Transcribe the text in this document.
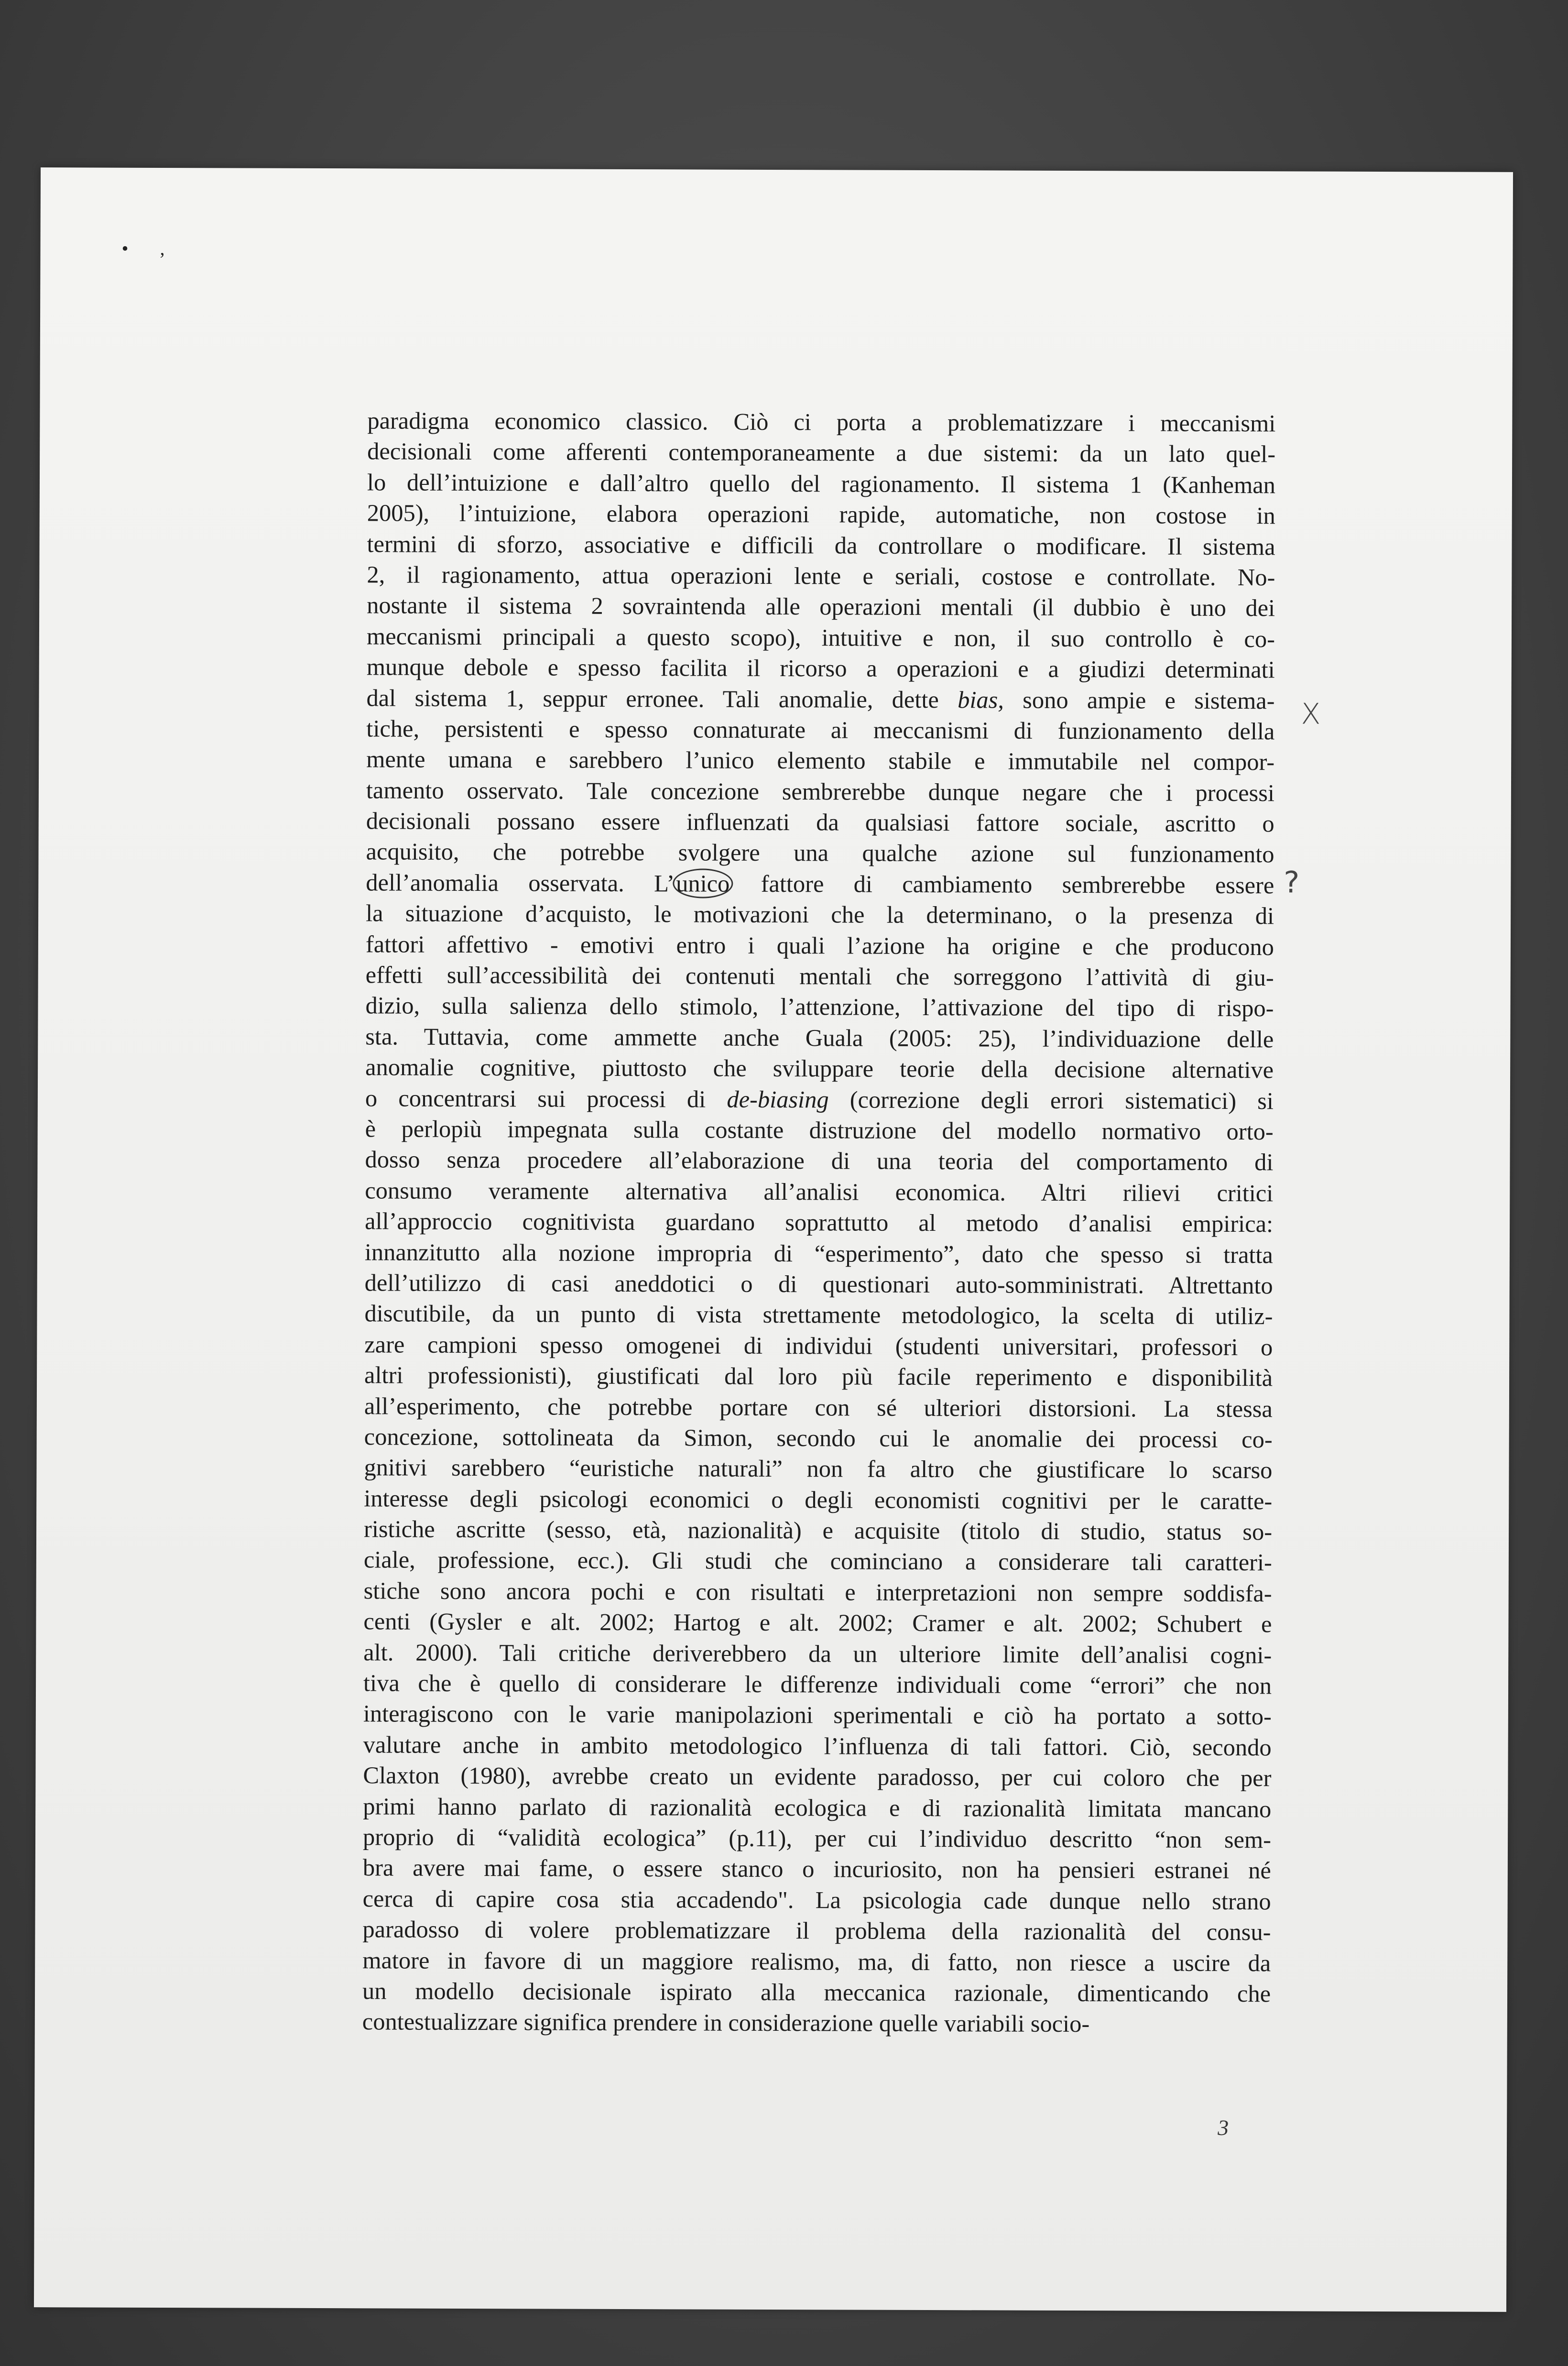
• ,
paradigma economico classico. Ciò ci porta a problematizzare i meccanismi
decisionali come afferenti contemporaneamente a due sistemi: da un lato quel-
lo dell’intuizione e dall’altro quello del ragionamento. Il sistema 1 (Kanheman
2005), l’intuizione, elabora operazioni rapide, automatiche, non costose in
termini di sforzo, associative e difficili da controllare o modificare. Il sistema
2, il ragionamento, attua operazioni lente e seriali, costose e controllate. No-
nostante il sistema 2 sovraintenda alle operazioni mentali (il dubbio è uno dei
meccanismi principali a questo scopo), intuitive e non, il suo controllo è co-
munque debole e spesso facilita il ricorso a operazioni e a giudizi determinati
dal sistema 1, seppur erronee. Tali anomalie, dette bias, sono ampie e sistema-
tiche, persistenti e spesso connaturate ai meccanismi di funzionamento della
mente umana e sarebbero l’unico elemento stabile e immutabile nel compor-
tamento osservato. Tale concezione sembrerebbe dunque negare che i processi
decisionali possano essere influenzati da qualsiasi fattore sociale, ascritto o
acquisito, che potrebbe svolgere una qualche azione sul funzionamento
dell’anomalia osservata. L’unico fattore di cambiamento sembrerebbe essere
la situazione d’acquisto, le motivazioni che la determinano, o la presenza di
fattori affettivo - emotivi entro i quali l’azione ha origine e che producono
effetti sull’accessibilità dei contenuti mentali che sorreggono l’attività di giu-
dizio, sulla salienza dello stimolo, l’attenzione, l’attivazione del tipo di rispo-
sta. Tuttavia, come ammette anche Guala (2005: 25), l’individuazione delle
anomalie cognitive, piuttosto che sviluppare teorie della decisione alternative
o concentrarsi sui processi di de-biasing (correzione degli errori sistematici) si
è perlopiù impegnata sulla costante distruzione del modello normativo orto-
dosso senza procedere all’elaborazione di una teoria del comportamento di
consumo veramente alternativa all’analisi economica. Altri rilievi critici
all’approccio cognitivista guardano soprattutto al metodo d’analisi empirica:
innanzitutto alla nozione impropria di “esperimento”, dato che spesso si tratta
dell’utilizzo di casi aneddotici o di questionari auto-somministrati. Altrettanto
discutibile, da un punto di vista strettamente metodologico, la scelta di utiliz-
zare campioni spesso omogenei di individui (studenti universitari, professori o
altri professionisti), giustificati dal loro più facile reperimento e disponibilità
all’esperimento, che potrebbe portare con sé ulteriori distorsioni. La stessa
concezione, sottolineata da Simon, secondo cui le anomalie dei processi co-
gnitivi sarebbero “euristiche naturali” non fa altro che giustificare lo scarso
interesse degli psicologi economici o degli economisti cognitivi per le caratte-
ristiche ascritte (sesso, età, nazionalità) e acquisite (titolo di studio, status so-
ciale, professione, ecc.). Gli studi che cominciano a considerare tali caratteri-
stiche sono ancora pochi e con risultati e interpretazioni non sempre soddisfa-
centi (Gysler e alt. 2002; Hartog e alt. 2002; Cramer e alt. 2002; Schubert e
alt. 2000). Tali critiche deriverebbero da un ulteriore limite dell’analisi cogni-
tiva che è quello di considerare le differenze individuali come “errori” che non
interagiscono con le varie manipolazioni sperimentali e ciò ha portato a sotto-
valutare anche in ambito metodologico l’influenza di tali fattori. Ciò, secondo
Claxton (1980), avrebbe creato un evidente paradosso, per cui coloro che per
primi hanno parlato di razionalità ecologica e di razionalità limitata mancano
proprio di “validità ecologica” (p.11), per cui l’individuo descritto “non sem-
bra avere mai fame, o essere stanco o incuriosito, non ha pensieri estranei né
cerca di capire cosa stia accadendo". La psicologia cade dunque nello strano
paradosso di volere problematizzare il problema della razionalità del consu-
matore in favore di un maggiore realismo, ma, di fatto, non riesce a uscire da
un modello decisionale ispirato alla meccanica razionale, dimenticando che
contestualizzare significa prendere in considerazione quelle variabili socio-
X
?
3
